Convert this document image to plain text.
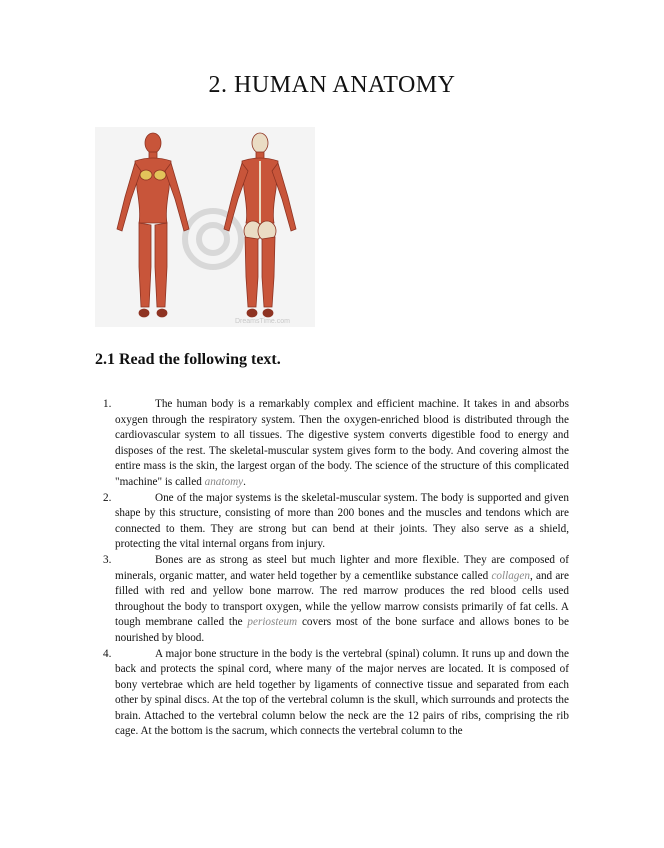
2. HUMAN ANATOMY
DreamsTime.com
2.1 Read the following text.

1.	The human body is a remarkably complex and efficient machine. It takes in and absorbs oxygen through the respiratory system. Then the oxygen-enriched blood is distributed through the cardiovascular system to all tissues. The digestive system converts digestible food to energy and disposes of the rest. The skeletal-muscular system gives form to the body. And covering almost the entire mass is the skin, the largest organ of the body. The science of the structure of this complicated "machine" is called anatomy.

2.	One of the major systems is the skeletal-muscular system. The body is supported and given shape by this structure, consisting of more than 200 bones and the muscles and tendons which are connected to them. They are strong but can bend at their joints. They also serve as a shield, protecting the vital internal organs from injury.

3.	Bones are as strong as steel but much lighter and more flexible. They are composed of minerals, organic matter, and water held together by a cementlike substance called collagen, and are filled with red and yellow bone marrow. The red marrow produces the red blood cells used throughout the body to transport oxygen, while the yellow marrow consists primarily of fat cells. A tough membrane called the periosteum covers most of the bone surface and allows bones to be nourished by blood.

4.	A major bone structure in the body is the vertebral (spinal) column. It runs up and down the back and protects the spinal cord, where many of the major nerves are located. It is composed of bony vertebrae which are held together by ligaments of connective tissue and separated from each other by spinal discs. At the top of the vertebral column is the skull, which surrounds and protects the brain. Attached to the vertebral column below the neck are the 12 pairs of ribs, comprising the rib cage. At the bottom is the sacrum, which connects the vertebral column to the
